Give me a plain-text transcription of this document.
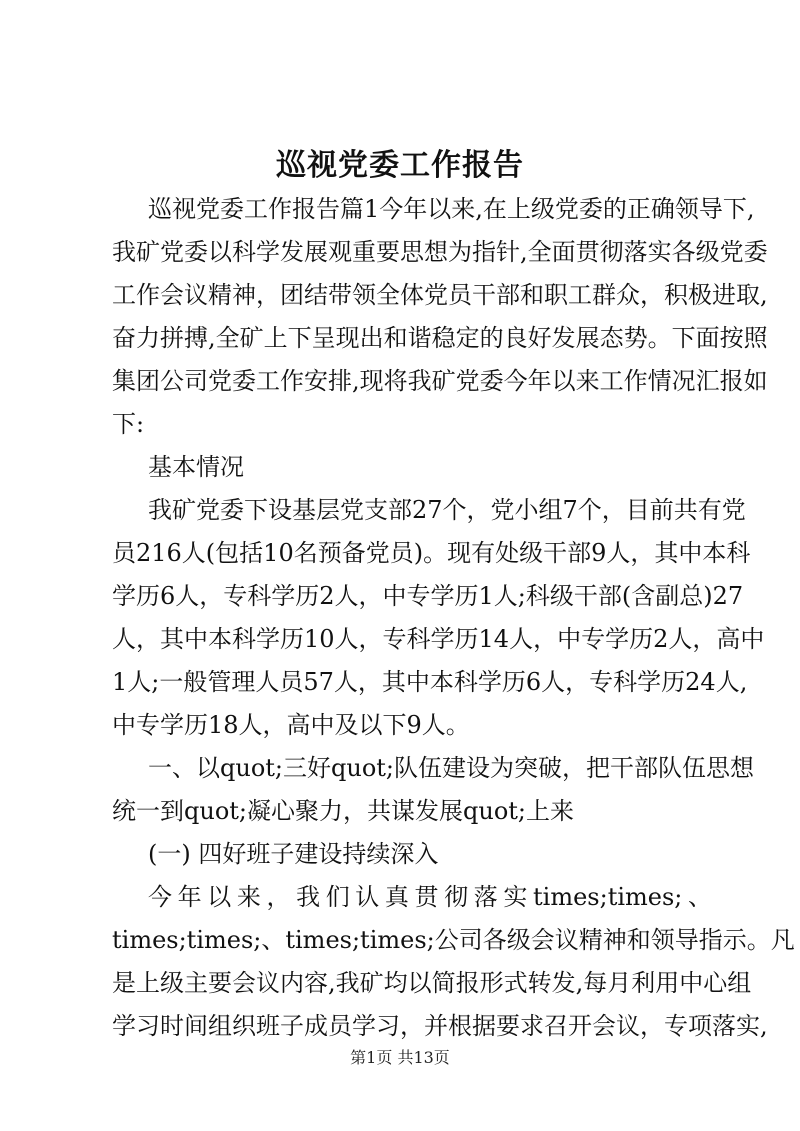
巡视党委工作报告
巡视党委工作报告篇1今年以来,在上级党委的正确领导下,
我矿党委以科学发展观重要思想为指针,全面贯彻落实各级党委
工作会议精神，团结带领全体党员干部和职工群众，积极进取,
奋力拼搏,全矿上下呈现出和谐稳定的良好发展态势。下面按照
集团公司党委工作安排,现将我矿党委今年以来工作情况汇报如
下:
基本情况
我矿党委下设基层党支部27个，党小组7个，目前共有党
员216人(包括10名预备党员)。现有处级干部9人，其中本科
学历6人，专科学历2人，中专学历1人;科级干部(含副总)27
人，其中本科学历10人，专科学历14人，中专学历2人，高中
1人;一般管理人员57人，其中本科学历6人，专科学历24人,
中专学历18人，高中及以下9人。
一、以quot;三好quot;队伍建设为突破，把干部队伍思想
统一到quot;凝心聚力，共谋发展quot;上来
(一) 四好班子建设持续深入
今年以来，我们认真贯彻落实times;times;、
times;times;、times;times;公司各级会议精神和领导指示。凡
是上级主要会议内容,我矿均以简报形式转发,每月利用中心组
学习时间组织班子成员学习，并根据要求召开会议，专项落实,
第1页 共13页
